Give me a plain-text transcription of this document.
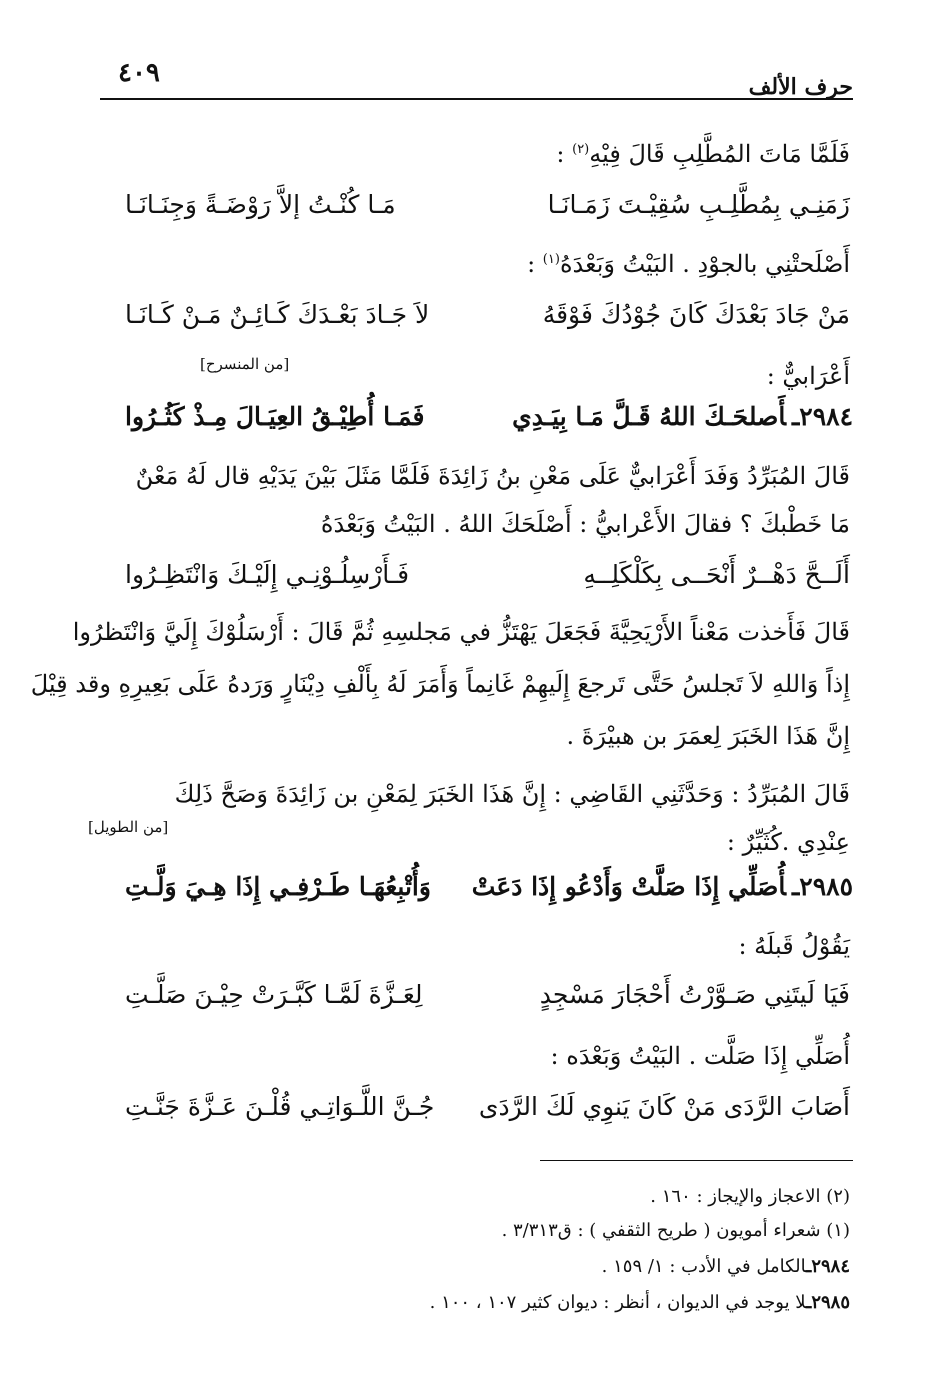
حرف الألف
٤٠٩
فَلَمَّا مَاتَ المُطَّلِبِ قَالَ فِيْهِ$^{(٢)}$ :
زَمَنِـي بِمُطَّلِـبِ سُقِيْـتَ زَمَـانَـا
مَـا كُنْـتُ إلاَّ رَوْضَـةً وَجِنَـانَـا
أَصْلَحتْنِي بالجوْدِ . البَيْتُ وَبَعْدَهُ$^{(١)}$ :
مَنْ جَادَ بَعْدَكَ كَانَ جُوْدُكَ فَوْقَهُ
لاَ جَـادَ بَعْـدَكَ كَـائِـنٌ مَـنْ كَـانَـا
[من المنسرح]	أَعْرَابيٌّ :
٢٩٨٤ـأَصلحَـكَ اللهُ قَـلَّ مَـا بِيَـدِي
فَمَـا أُطِيْـقُ العِيَـالَ مِـذْ كَثُـرُوا
قَالَ المُبَرِّدُ وَفَدَ أَعْرَابيٌّ عَلَى مَعْنِ بنُ زَائِدَةَ فَلَمَّا مَثَلَ بَيْنَ يَدَيْهِ قال لَهُ مَعْنٌ
مَا خَطْبكَ ؟ فقالَ الأَعْرابيُّ : أَصْلَحَكَ اللهُ . البَيْتُ وَبَعْدَهُ
أَلَــحَّ دَهْــرٌ أَنْحَــى بِكَلْكَلِــهِ
فَـأَرْسِلُـوْنِـي إِلَيْـكَ وَانْتَظِـرُوا
قَالَ فَأَخذت مَعْناً الأَرْيَحِيَّةَ فَجَعَلَ يَهْتَزُّ في مَجلسِهِ ثُمَّ قَالَ : أَرْسَلُوْكَ إِلَيَّ وَانْتَظرُوا
إِذاً وَاللهِ لاَ تَجلسُ حَتَّى تَرجعَ إِلَيهِمْ غَانِماً وَأَمَرَ لَهُ بِأَلْفِ دِيْنَارٍ وَرَدهُ عَلَى بَعِيرِهِ وقد قِيْلَ
إِنَّ هَذَا الخَبَرَ لِعمَرَ بن هبيْرَةَ .
قَالَ المُبَرِّدُ : وَحَدَّثَنِي القَاضِي : إِنَّ هَذَا الخَبَرَ لِمَعْنِ بن زَائِدَةَ وَصَحَّ ذَلِكَ
[من الطويل]
عِنْدِي .كُثَيِّرٌ :
٢٩٨٥ـأُصَلِّي إِذَا صَلَّتْ وَأَدْعُو إِذَا دَعَتْ
وَأُتْبِعُهَـا طَـرْفِـي إِذَا هِـيَ وَلَّـتِ
يَقُوْلُ قَبلَهُ :
فَيَا لَيتَنِي صَـوَّرْتُ أَحْجَارَ مَسْجِدٍ
لِعَـزَّةَ لَمَّـا كَبَّـرَتْ حِيْـنَ صَلَّـتِ
أُصَلِّي إِذَا صَلَّت . البَيْتُ وَبَعْدَه :
أَصَابَ الرَّدَى مَنْ كَانَ يَنوِي لَكَ الرَّدَى
جُـنَّ اللَّـوَاتِـي قُلْـنَ عَـزَّةَ جَنَّـتِ
(٢) الاعجاز والإيجاز : ١٦٠ .
(١) شعراء أمويون ( طريح الثقفي ) : ق٣/٣١٣ .
٢٩٨٤ـالكامل في الأدب : ١/ ١٥٩ .
٢٩٨٥ـلا يوجد في الديوان ، أنظر : ديوان كثير ١٠٧ ، ١٠٠ .
